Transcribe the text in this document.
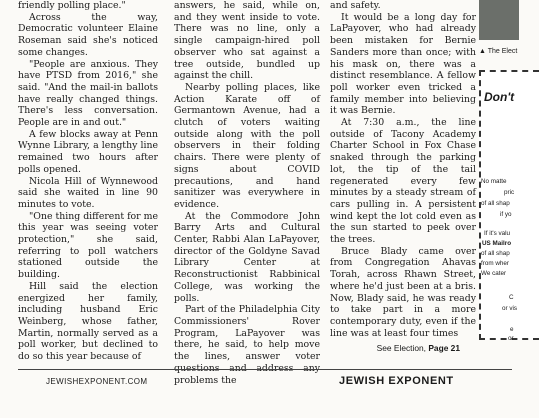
friendly polling place."

Across the way, Democratic volunteer Elaine Roseman said she's noticed some changes.

"People are anxious. They have PTSD from 2016," she said. "And the mail-in ballots have really changed things. There's less conversation. People are in and out."

A few blocks away at Penn Wynne Library, a lengthy line remained two hours after polls opened.

Nicola Hill of Wynnewood said she waited in line 90 minutes to vote.

"One thing different for me this year was seeing voter protection," she said, referring to poll watchers stationed outside the building.

Hill said the election energized her family, including husband Eric Weinberg, whose father, Martin, normally served as a poll worker, but declined to do so this year because of

answers, he said, while on, and they went inside to vote. There was no line, only a single campaign-hired poll observer who sat against a tree outside, bundled up against the chill.

Nearby polling places, like Action Karate off of Germantown Avenue, had a clutch of voters waiting outside along with the poll observers in their folding chairs. There were plenty of signs about COVID precautions, and hand sanitizer was everywhere in evidence.

At the Commodore John Barry Arts and Cultural Center, Rabbi Alan LaPayover, director of the Goldyne Savad Library Center at Reconstructionist Rabbinical College, was working the polls.

Part of the Philadelphia City Commissioners' Rover Program, LaPayover was there, he said, to help move the lines, answer voter questions and address any problems the

and safety.

It would be a long day for LaPayover, who had already been mistaken for Bernie Sanders more than once; with his mask on, there was a distinct resemblance. A fellow poll worker even tricked a family member into believing it was Bernie.

At 7:30 a.m., the line outside of Tacony Academy Charter School in Fox Chase snaked through the parking lot, the tip of the tail regenerated every few minutes by a steady stream of cars pulling in. A persistent wind kept the lot cold even as the sun started to peek over the trees.

Bruce Blady came over from Congregation Ahavas Torah, across Rhawn Street, where he'd just been at a bris. Now, Blady said, he was ready to take part in a more contemporary duty, even if the line was at least four times

See Election, Page 21
▲ The Elect
Don't
No matte
pric
of all shap
if yo
If it's valu
US Mailro
of all shap
from wher
We cater
C
or vis
e
or
JEWISHEXPONENT.COM	JEWISH EXPONENT
